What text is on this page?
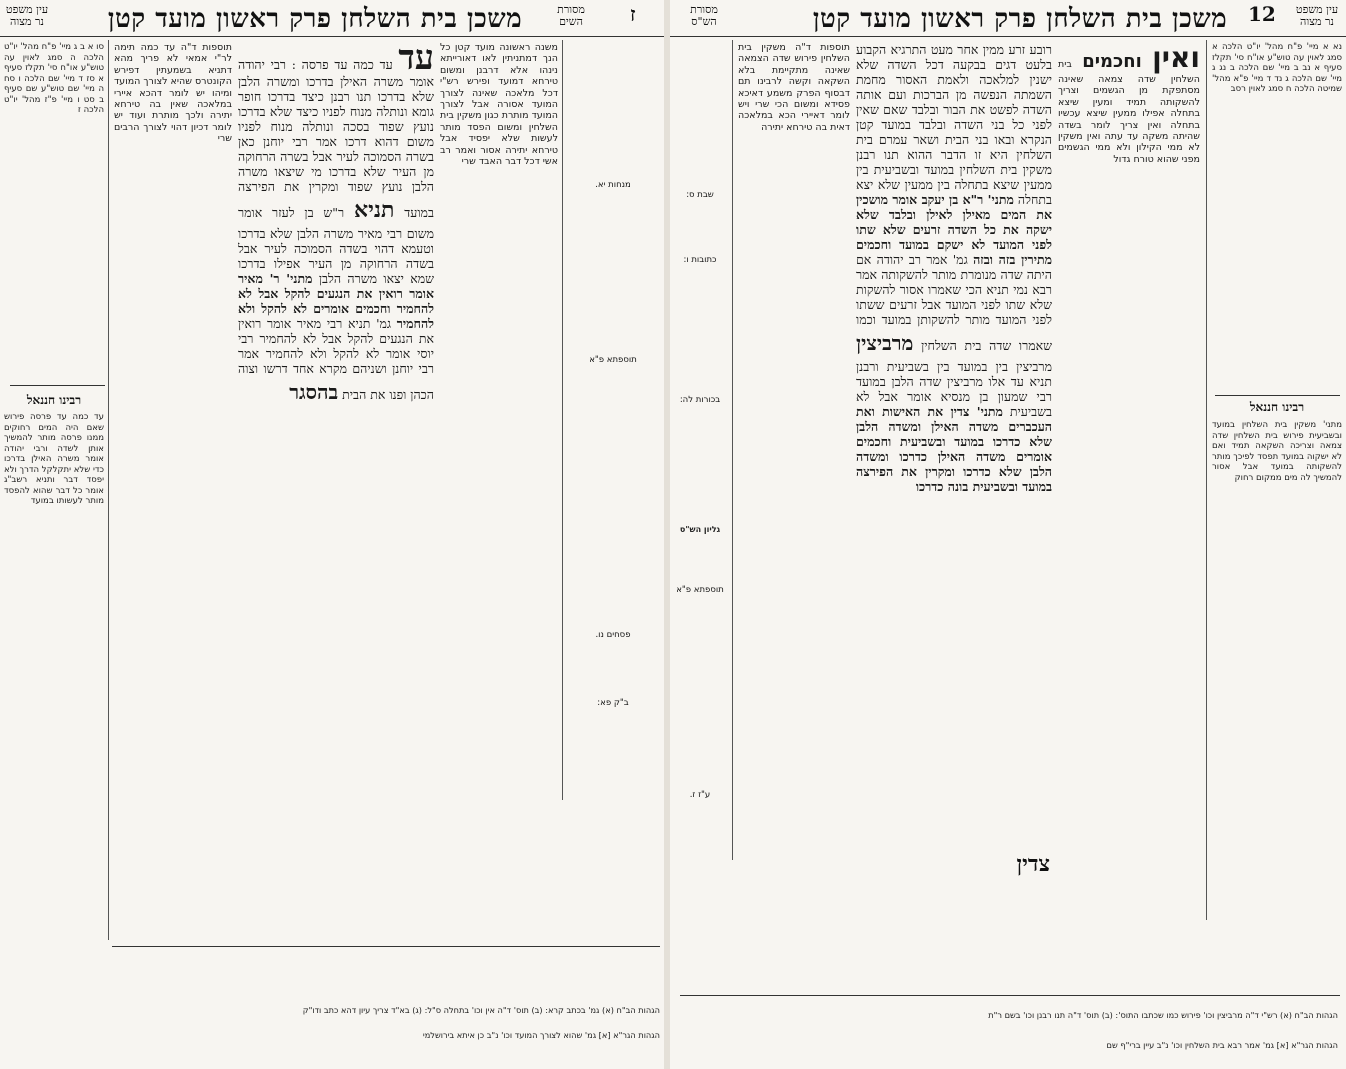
עין משפט נר מצוה	משכן בית השלחן פרק ראשון מועד קטן	מסורת השים	ז
סו א ב ג מיי' פ"ח מהל' יו"ט הלכה ה סמג לאוין עה טוש"ע או"ח סי' תקלז סעיף א סז ד מיי' שם הלכה ו סח ה מיי' שם טוש"ע שם סעיף ב סט ו מיי' פ"ז מהל' יו"ט הלכה ז
רבינו חננאל
עד כמה עד פרסה פירוש שאם היה המים רחוקים ממנו פרסה מותר להמשיך אותן לשדה ורבי יהודה אומר משרה האילן בדרכו כדי שלא יתקלקל הדרך ולא יפסד דבר ותניא רשב"ג אומר כל דבר שהוא להפסד מותר לעשותו במועד
תוספות ד"ה עד כמה תימה לר"י אמאי לא פריך מהא דתניא בשמעתין דפירש הקונטרס שהיא לצורך המועד ומיהו יש לומר דהכא איירי במלאכה שאין בה טירחא יתירה ולכך מותרת ועוד יש לומר דכיון דהוי לצורך הרבים שרי
עד עד כמה עד פרסה : רבי יהודה אומר משרה האילן בדרכו ומשרה הלבן שלא בדרכו תנו רבנן כיצד בדרכו חופר גומא ונותלה מנוח לפניו כיצד שלא בדרכו נועץ שפוד בסכה ונותלה מנוח לפניו משום דהוא דרכו אמר רבי יוחנן כאן בשרה הסמוכה לעיר אבל בשרה הרחוקה מן העיר שלא בדרכו מי שיצאו משרה הלבן נועץ שפוד ומקרין את הפירצה במועד תניא ר"ש בן לעזר אומר משום רבי מאיר משרה הלבן שלא בדרכו וטעמא דהוי בשדה הסמוכה לעיר אבל בשדה הרחוקה מן העיר אפילו בדרכו שמא יצאו משרה הלבן מתני' ר' מאיר אומר רואין את הנגעים להקל אבל לא להחמיר וחכמים אומרים לא להקל ולא להחמיר גמ' תניא רבי מאיר אומר רואין את הנגעים להקל אבל לא להחמיר רבי יוסי אומר לא להקל ולא להחמיר אמר רבי יוחנן ושניהם מקרא אחד דרשו וצוה הכהן ופנו את הבית בהסגר
משנה ראשונה מועד קטן כל הנך דמתניתין לאו דאורייתא נינהו אלא דרבנן ומשום טירחא דמועד ופירש רש"י דכל מלאכה שאינה לצורך המועד אסורה אבל לצורך המועד מותרת כגון משקין בית השלחין ומשום הפסד מותר לעשות שלא יפסיד אבל טירחא יתירה אסור ואמר רב אשי דכל דבר האבד שרי
מנחות יא.
תוספתא פ"א
פסחים נו.
ב"ק פא:
הגהות הב"ח (א) גמ' בכתב קרא: (ב) תוס' ד"ה אין וכו' בתחלה ס"ל: (ג) בא"ד צריך עיון דהא כתב ודו"ק
הגהות הגר"א [א] גמ' שהוא לצורך המועד וכו' נ"ב כן איתא בירושלמי
מסורת הש"ס	משכן בית השלחן פרק ראשון מועד קטן 12	עין משפט נר מצוה
שבת ס:
כתובות ו:
בכורות לה:
תוספתא פ"א
ע"ז ז.
גליון הש"ס
תוספות ד"ה משקין בית השלחין פירוש שדה הצמאה שאינה מתקיימת בלא השקאה וקשה לרבינו תם דבסוף הפרק משמע דאיכא פסידא ומשום הכי שרי ויש לומר דאיירי הכא במלאכה דאית בה טירחא יתירה
רובע זרע ממין אחר מעט התרגיא הקבוע בלעט דגים בבקעה דכל השדה שלא ישנין למלאכה ולאמת האסור מחמת השמתה הנפשה מן הברכות ועם אותה השדה לפשט את הבור ובלבד שאם שאין לפני כל בני השדה ובלבד במועד קטן הנקרא ובאו בני הבית ושאר עמרם בית השלחין היא זו הדבר ההוא תנו רבנן משקין בית השלחין במועד ובשביעית בין ממעין שיצא בתחלה בין ממעין שלא יצא בתחלה מתני' ר"א בן יעקב אומר מושכין את המים מאילן לאילן ובלבד שלא ישקה את כל השדה זרעים שלא שתו לפני המועד לא ישקם במועד וחכמים מתירין בזה ובזה גמ' אמר רב יהודה אם היתה שדה מנומרת מותר להשקותה אמר רבא נמי תניא הכי שאמרו אסור להשקות שלא שתו לפני המועד אבל זרעים ששתו לפני המועד מותר להשקותן במועד וכמו שאמרו שדה בית השלחין מרביצין מרביצין בין במועד בין בשביעית ורבנן תניא עד אלו מרביצין שדה הלבן במועד רבי שמעון בן מנסיא אומר אבל לא בשביעית מתני' צדין את האישות ואת העכברים משדה האילן ומשדה הלבן שלא כדרכו במועד ובשביעית וחכמים אומרים משדה האילן כדרכו ומשדה הלבן שלא כדרכו ומקרין את הפירצה במועד ובשביעית בונה כדרכו
צדין
ואין וחכמים בית השלחין שדה צמאה שאינה מסתפקת מן הגשמים וצריך להשקותה תמיד ומעין שיצא בתחלה אפילו ממעין שיצא עכשיו בתחלה ואין צריך לומר בשדה שהיתה משקה עד עתה ואין משקין לא ממי הקילון ולא ממי הגשמים מפני שהוא טורח גדול
נא א מיי' פ"ח מהל' יו"ט הלכה א סמג לאוין עה טוש"ע או"ח סי' תקלז סעיף א נב ב מיי' שם הלכה ב נג ג מיי' שם הלכה ג נד ד מיי' פ"א מהל' שמיטה הלכה ח סמג לאוין רסב
רבינו חננאל
מתני' משקין בית השלחין במועד ובשביעית פירוש בית השלחין שדה צמאה וצריכה השקאה תמיד ואם לא ישקוה במועד תפסד לפיכך מותר להשקותה במועד אבל אסור להמשיך לה מים ממקום רחוק
הגהות הב"ח (א) רש"י ד"ה מרביצין וכו' פירוש כמו שכתבו התוס': (ב) תוס' ד"ה תנו רבנן וכו' בשם ר"ת
הגהות הגר"א [א] גמ' אמר רבא בית השלחין וכו' נ"ב עיין ברי"ף שם
